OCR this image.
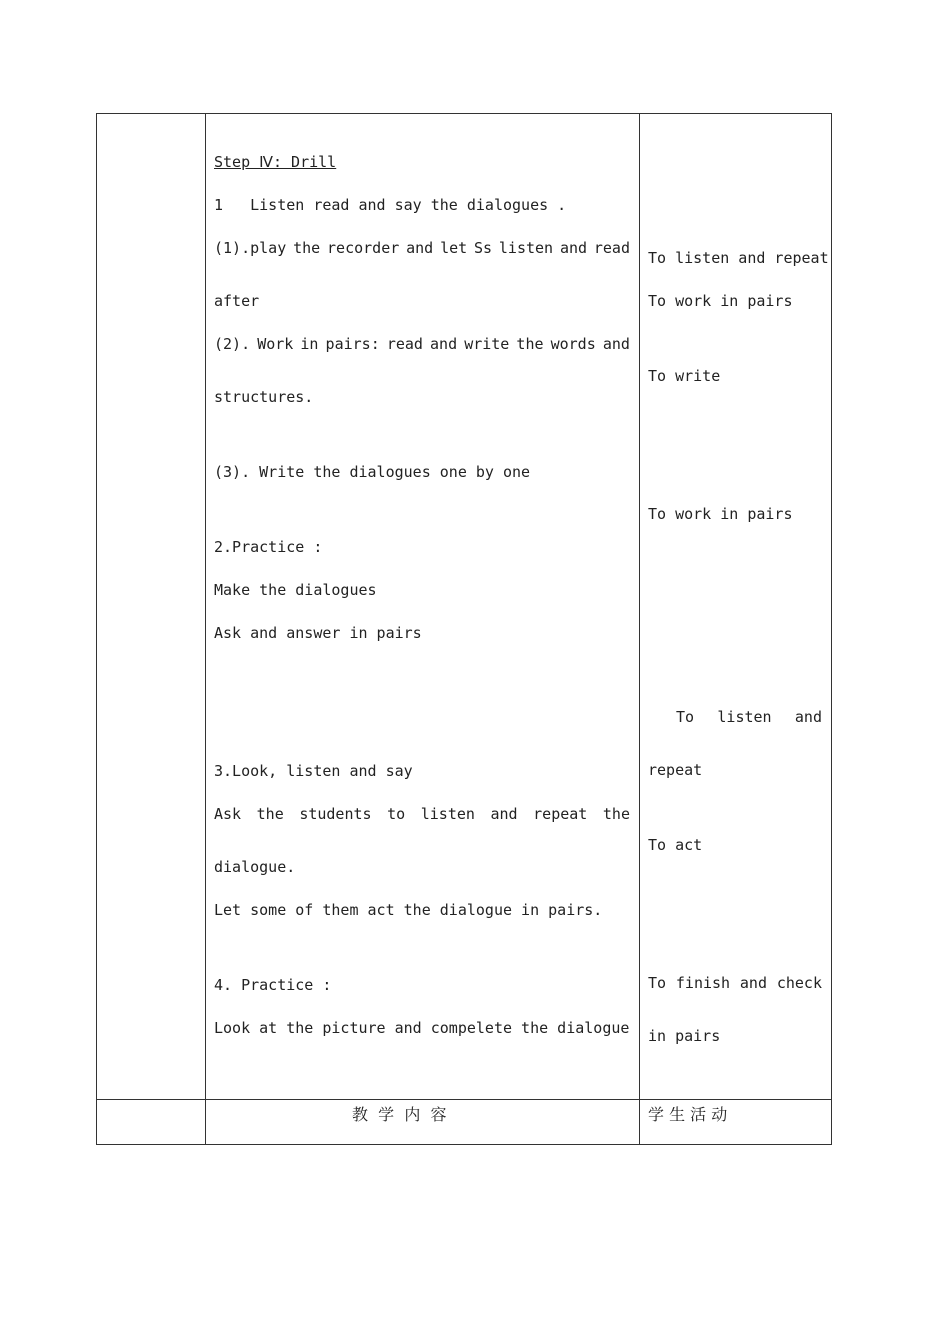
Step Ⅳ: Drill
1   Listen read and say the dialogues .
(1).play the recorder and let Ss listen and read
after
(2). Work in pairs: read and write the words and
structures.
(3). Write the dialogues one by one
2.Practice :
Make the dialogues
Ask and answer in pairs
3.Look, listen and say
Ask the students to listen and repeat the
dialogue.
Let some of them act the dialogue in pairs.
4. Practice :
Look at the picture and compelete the dialogue
To listen and repeat
To work in pairs
To write
To work in pairs
To listen and
repeat
To act
To finish and check
in pairs
教  学  内  容	学 生 活 动
